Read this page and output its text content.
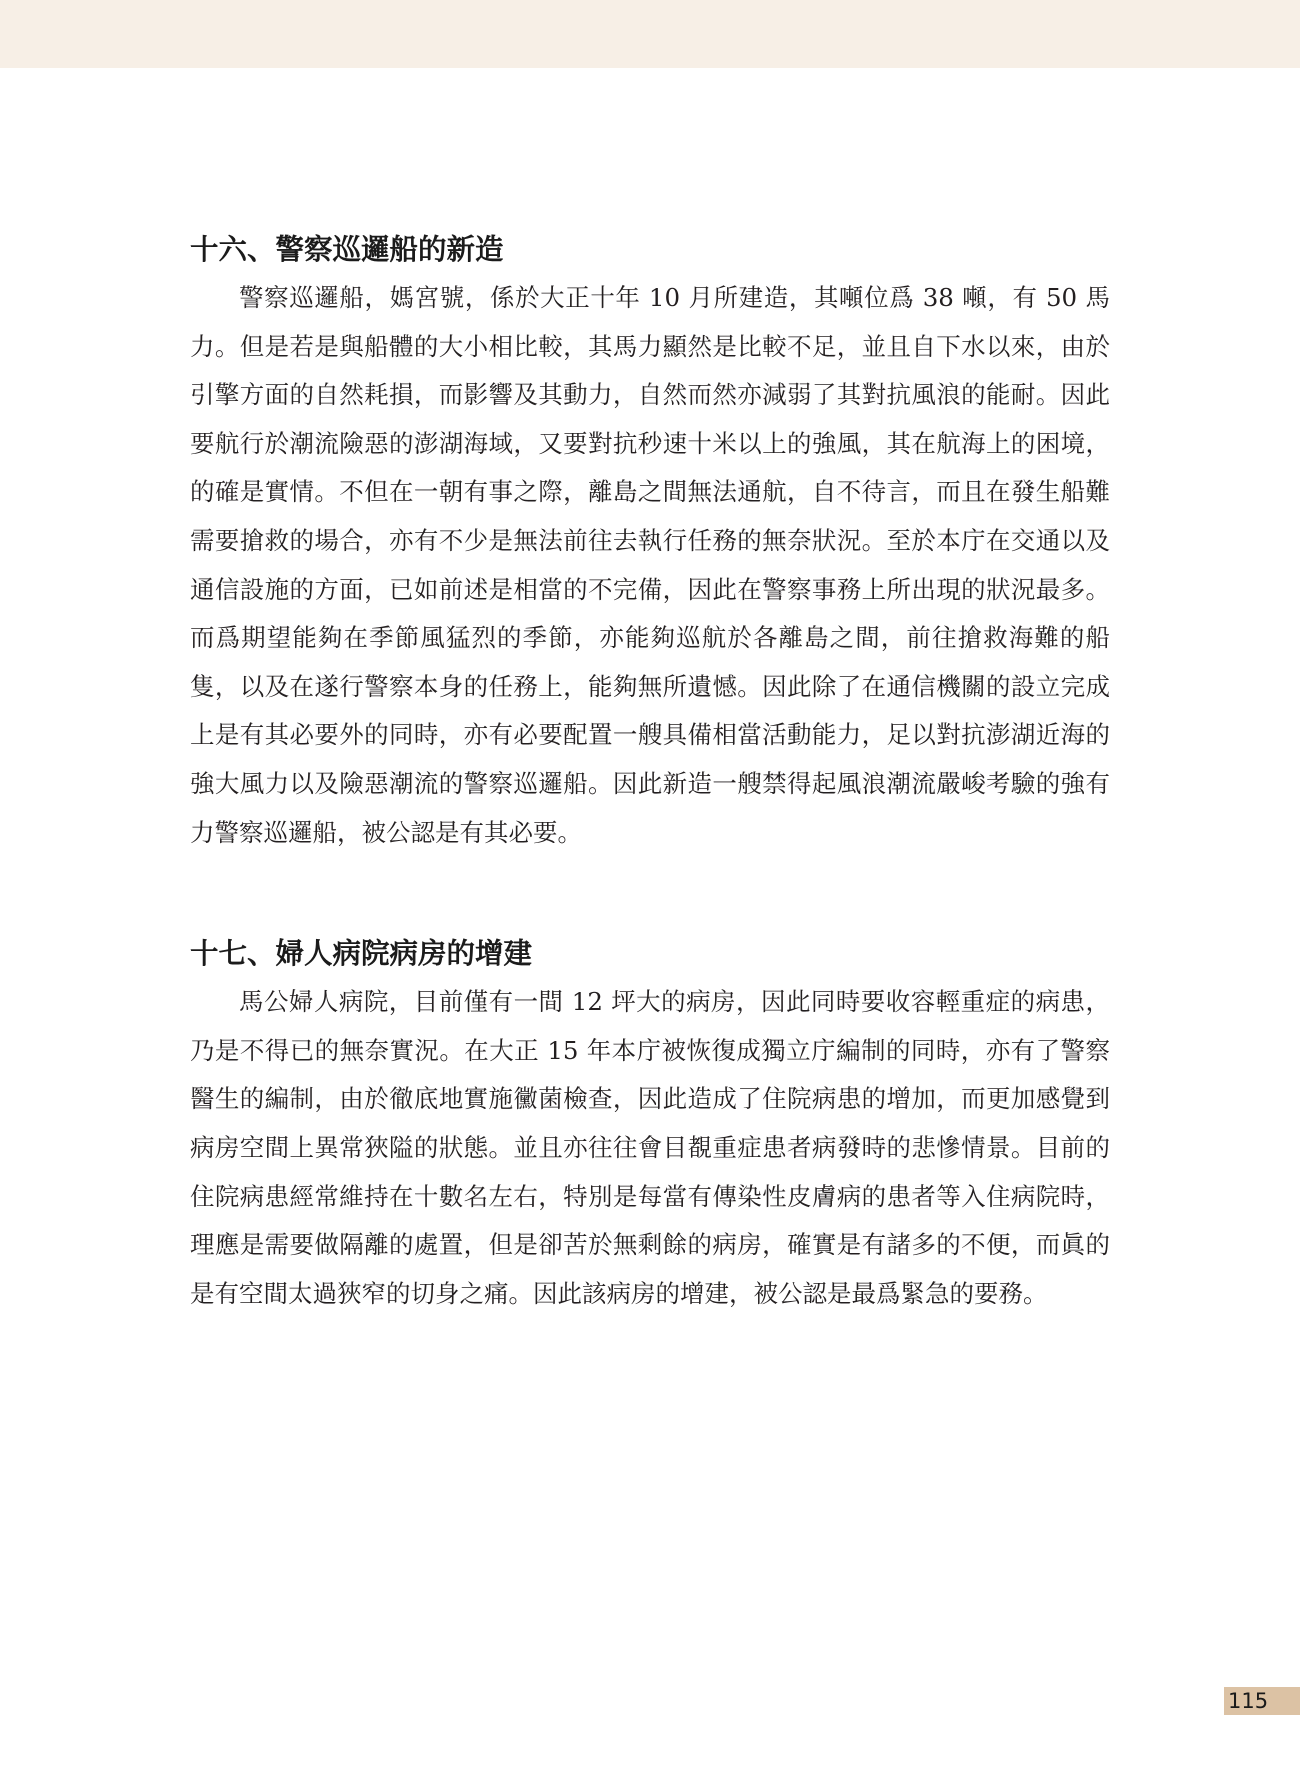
十六、警察巡邏船的新造

警察巡邏船，媽宮號，係於大正十年 10 月所建造，其噸位爲 38 噸，有 50 馬力。但是若是與船體的大小相比較，其馬力顯然是比較不足，並且自下水以來，由於引擎方面的自然耗損，而影響及其動力，自然而然亦減弱了其對抗風浪的能耐。因此要航行於潮流險惡的澎湖海域，又要對抗秒速十米以上的強風，其在航海上的困境，的確是實情。不但在一朝有事之際，離島之間無法通航，自不待言，而且在發生船難需要搶救的場合，亦有不少是無法前往去執行任務的無奈狀況。至於本庁在交通以及通信設施的方面，已如前述是相當的不完備，因此在警察事務上所出現的狀況最多。而爲期望能夠在季節風猛烈的季節，亦能夠巡航於各離島之間，前往搶救海難的船隻，以及在遂行警察本身的任務上，能夠無所遺憾。因此除了在通信機關的設立完成上是有其必要外的同時，亦有必要配置一艘具備相當活動能力，足以對抗澎湖近海的強大風力以及險惡潮流的警察巡邏船。因此新造一艘禁得起風浪潮流嚴峻考驗的強有力警察巡邏船，被公認是有其必要。

十七、婦人病院病房的增建

馬公婦人病院，目前僅有一間 12 坪大的病房，因此同時要收容輕重症的病患，乃是不得已的無奈實況。在大正 15 年本庁被恢復成獨立庁編制的同時，亦有了警察醫生的編制，由於徹底地實施黴菌檢查，因此造成了住院病患的增加，而更加感覺到病房空間上異常狹隘的狀態。並且亦往往會目覩重症患者病發時的悲慘情景。目前的住院病患經常維持在十數名左右，特別是每當有傳染性皮膚病的患者等入住病院時，理應是需要做隔離的處置，但是卻苦於無剩餘的病房，確實是有諸多的不便，而眞的是有空間太過狹窄的切身之痛。因此該病房的增建，被公認是最爲緊急的要務。

115
